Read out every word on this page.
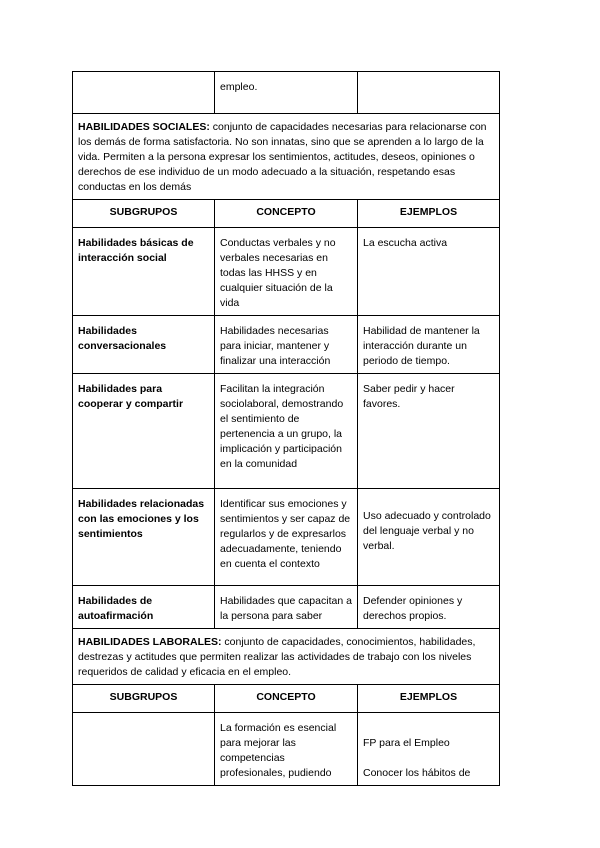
	empleo.	
HABILIDADES SOCIALES: conjunto de capacidades necesarias para relacionarse con los demás de forma satisfactoria. No son innatas, sino que se aprenden a lo largo de la vida. Permiten a la persona expresar los sentimientos, actitudes, deseos, opiniones o derechos de ese individuo de un modo adecuado a la situación, respetando esas conductas en los demás		
SUBGRUPOS	CONCEPTO	EJEMPLOS
Habilidades básicas de interacción social	Conductas verbales y no verbales necesarias en todas las HHSS y en cualquier situación de la vida	La escucha activa
Habilidades conversacionales	Habilidades necesarias para iniciar, mantener y finalizar una interacción	Habilidad de mantener la interacción durante un periodo de tiempo.
Habilidades para cooperar y compartir	Facilitan la integración sociolaboral, demostrando el sentimiento de pertenencia a un grupo, la implicación y participación en la comunidad	Saber pedir y hacer favores.
Habilidades relacionadas con las emociones y los sentimientos	Identificar sus emociones y sentimientos y ser capaz de regularlos y de expresarlos adecuadamente, teniendo en cuenta el contexto	Uso adecuado y controlado del lenguaje verbal y no verbal.
Habilidades de autoafirmación	Habilidades que capacitan a la persona para saber	Defender opiniones y derechos propios.
HABILIDADES LABORALES: conjunto de capacidades, conocimientos, habilidades, destrezas y actitudes que permiten realizar las actividades de trabajo con los niveles requeridos de calidad y eficacia en el empleo.		
SUBGRUPOS	CONCEPTO	EJEMPLOS
	La formación es esencial para mejorar las competencias profesionales, pudiendo	FP para el Empleo
Conocer los hábitos de
